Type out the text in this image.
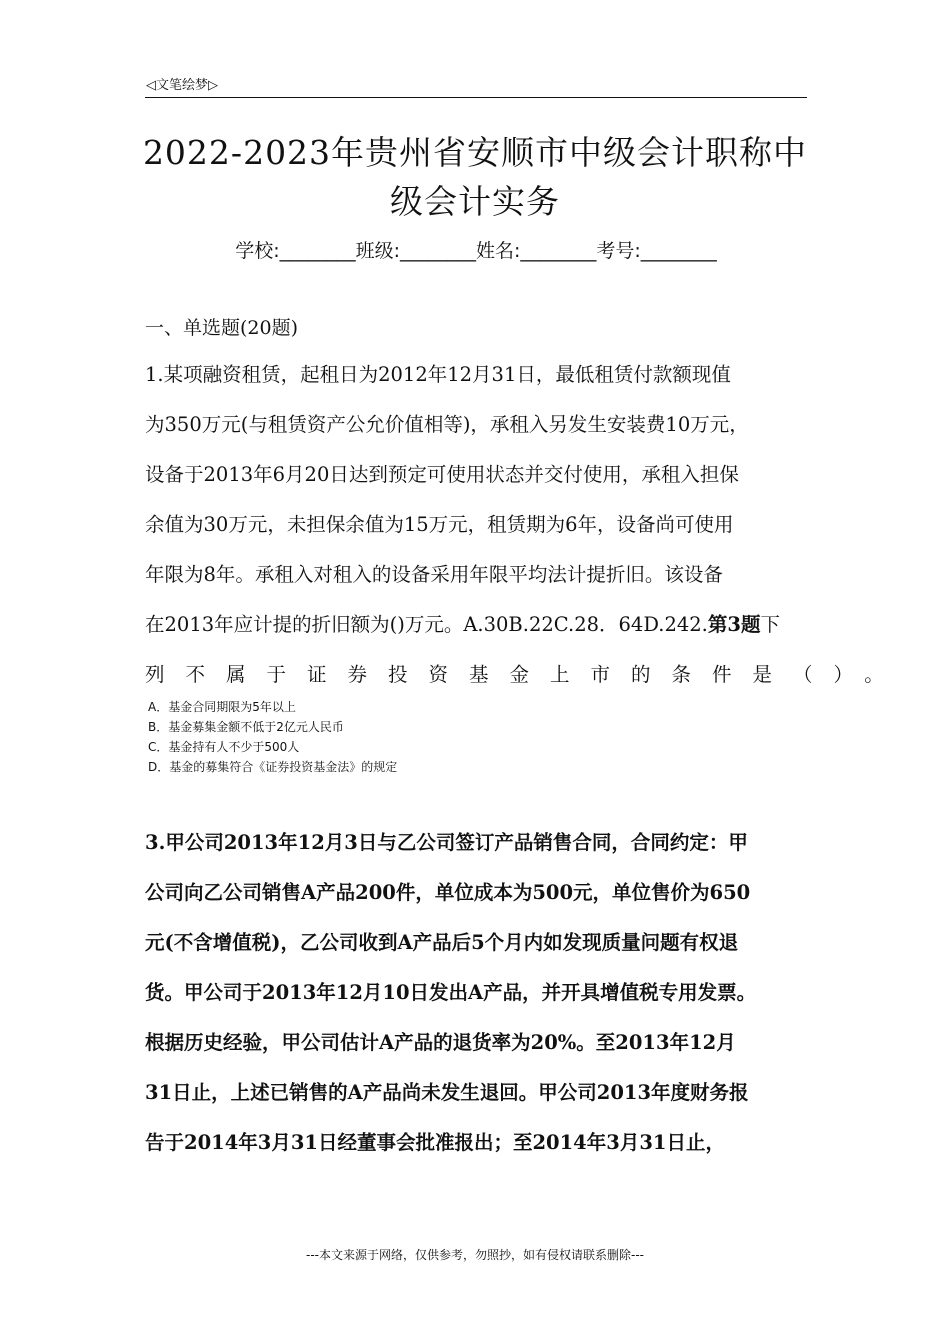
◁文笔绘梦▷
2022-2023年贵州省安顺市中级会计职称中
级会计实务
学校:________班级:________姓名:________考号:________
一、单选题(20题)
1.某项融资租赁，起租日为2012年12月31日，最低租赁付款额现值
为350万元(与租赁资产公允价值相等)，承租入另发生安装费10万元，
设备于2013年6月20日达到预定可使用状态并交付使用，承租入担保
余值为30万元，未担保余值为15万元，租赁期为6年，设备尚可使用
年限为8年。承租入对租入的设备采用年限平均法计提折旧。该设备
在2013年应计提的折旧额为()万元。A.30B.22C.28．64D.242.第3题下
列不属于证券投资基金上市的条件是（）。
A．基金合同期限为5年以上
B．基金募集金额不低于2亿元人民币
C．基金持有人不少于500人
D．基金的募集符合《证券投资基金法》的规定
3.甲公司2013年12月3日与乙公司签订产品销售合同，合同约定：甲
公司向乙公司销售A产品200件，单位成本为500元，单位售价为650
元(不含增值税)，乙公司收到A产品后5个月内如发现质量问题有权退
货。甲公司于2013年12月10日发出A产品，并开具增值税专用发票。
根据历史经验，甲公司估计A产品的退货率为20%。至2013年12月
31日止，上述已销售的A产品尚未发生退回。甲公司2013年度财务报
告于2014年3月31日经董事会批准报出；至2014年3月31日止，
---本文来源于网络，仅供参考，勿照抄，如有侵权请联系删除---
